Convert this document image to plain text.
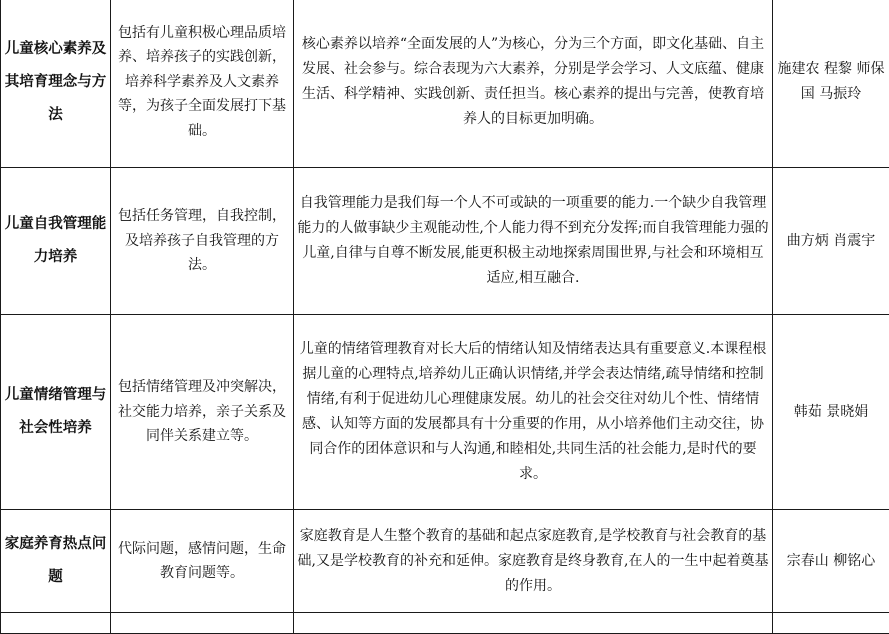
儿童核心素养及其培育理念与方法	包括有儿童积极心理品质培养、培养孩子的实践创新，培养科学素养及人文素养等，为孩子全面发展打下基础。	核心素养以培养“全面发展的人”为核心，分为三个方面，即文化基础、自主发展、社会参与。综合表现为六大素养，分别是学会学习、人文底蕴、健康生活、科学精神、实践创新、责任担当。核心素养的提出与完善，使教育培养人的目标更加明确。	施建农 程黎 师保国 马振玲

儿童自我管理能力培养	包括任务管理，自我控制，及培养孩子自我管理的方法。	自我管理能力是我们每一个人不可或缺的一项重要的能力.一个缺少自我管理能力的人做事缺少主观能动性,个人能力得不到充分发挥;而自我管理能力强的儿童,自律与自尊不断发展,能更积极主动地探索周围世界,与社会和环境相互适应,相互融合.	曲方炳 肖震宇

儿童情绪管理与社会性培养	包括情绪管理及冲突解决，社交能力培养，亲子关系及同伴关系建立等。	儿童的情绪管理教育对长大后的情绪认知及情绪表达具有重要意义.本课程根据儿童的心理特点,培养幼儿正确认识情绪,并学会表达情绪,疏导情绪和控制情绪,有利于促进幼儿心理健康发展。幼儿的社会交往对幼儿个性、情绪情感、认知等方面的发展都具有十分重要的作用，从小培养他们主动交往，协同合作的团体意识和与人沟通,和睦相处,共同生活的社会能力,是时代的要求。	韩茹 景晓娟

家庭养育热点问题	代际问题，感情问题，生命教育问题等。	家庭教育是人生整个教育的基础和起点家庭教育,是学校教育与社会教育的基础,又是学校教育的补充和延伸。家庭教育是终身教育,在人的一生中起着奠基的作用。	宗春山 柳铭心
